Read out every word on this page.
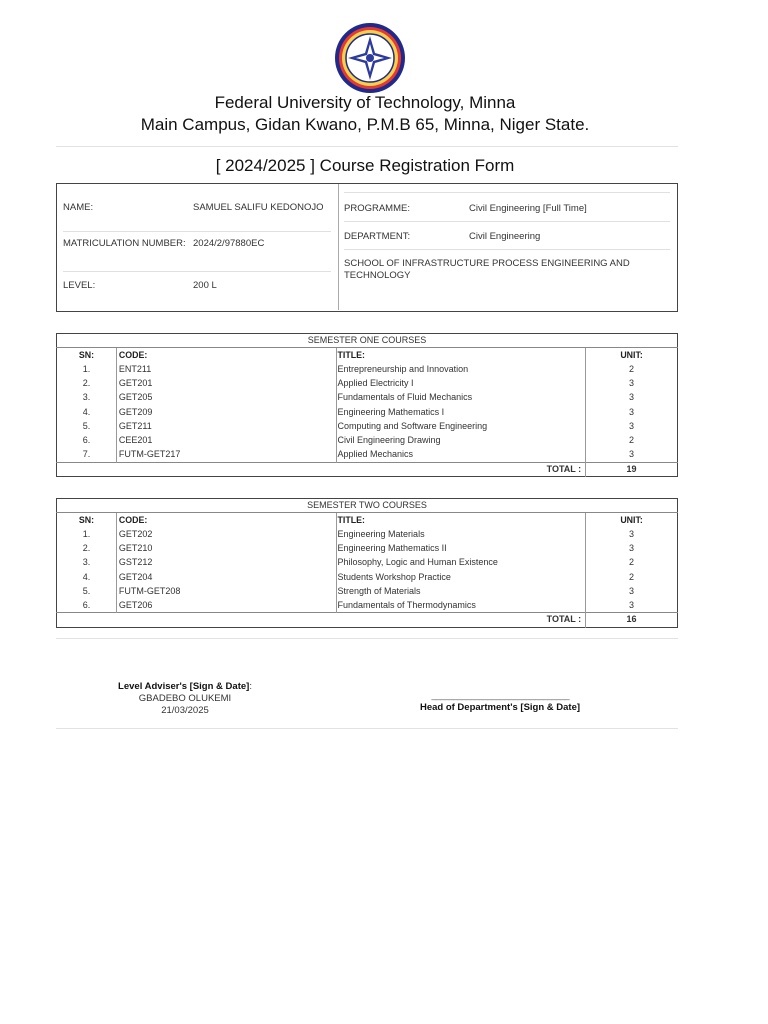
Federal University of Technology, Minna
Main Campus, Gidan Kwano, P.M.B 65, Minna, Niger State.
[ 2024/2025 ] Course Registration Form
NAME:	SAMUEL SALIFU KEDONOJO
MATRICULATION NUMBER: 2024/2/97880EC
LEVEL:	200 L
PROGRAMME:	Civil Engineering [Full Time]
DEPARTMENT:	Civil Engineering
SCHOOL OF INFRASTRUCTURE PROCESS ENGINEERING AND TECHNOLOGY
SEMESTER ONE COURSES			
SN:	CODE:	TITLE:	UNIT:
1.	ENT211	Entrepreneurship and Innovation	2
2.	GET201	Applied Electricity I	3
3.	GET205	Fundamentals of Fluid Mechanics	3
4.	GET209	Engineering Mathematics I	3
5.	GET211	Computing and Software Engineering	3
6.	CEE201	Civil Engineering Drawing	2
7.	FUTM-GET217	Applied Mechanics	3
TOTAL :			19
SEMESTER TWO COURSES			
SN:	CODE:	TITLE:	UNIT:
1.	GET202	Engineering Materials	3
2.	GET210	Engineering Mathematics II	3
3.	GST212	Philosophy, Logic and Human Existence	2
4.	GET204	Students Workshop Practice	2
5.	FUTM-GET208	Strength of Materials	3
6.	GET206	Fundamentals of Thermodynamics	3
TOTAL :			16
Level Adviser's [Sign & Date]:
GBADEBO OLUKEMI
21/03/2025
________________________________
Head of Department's [Sign & Date]
